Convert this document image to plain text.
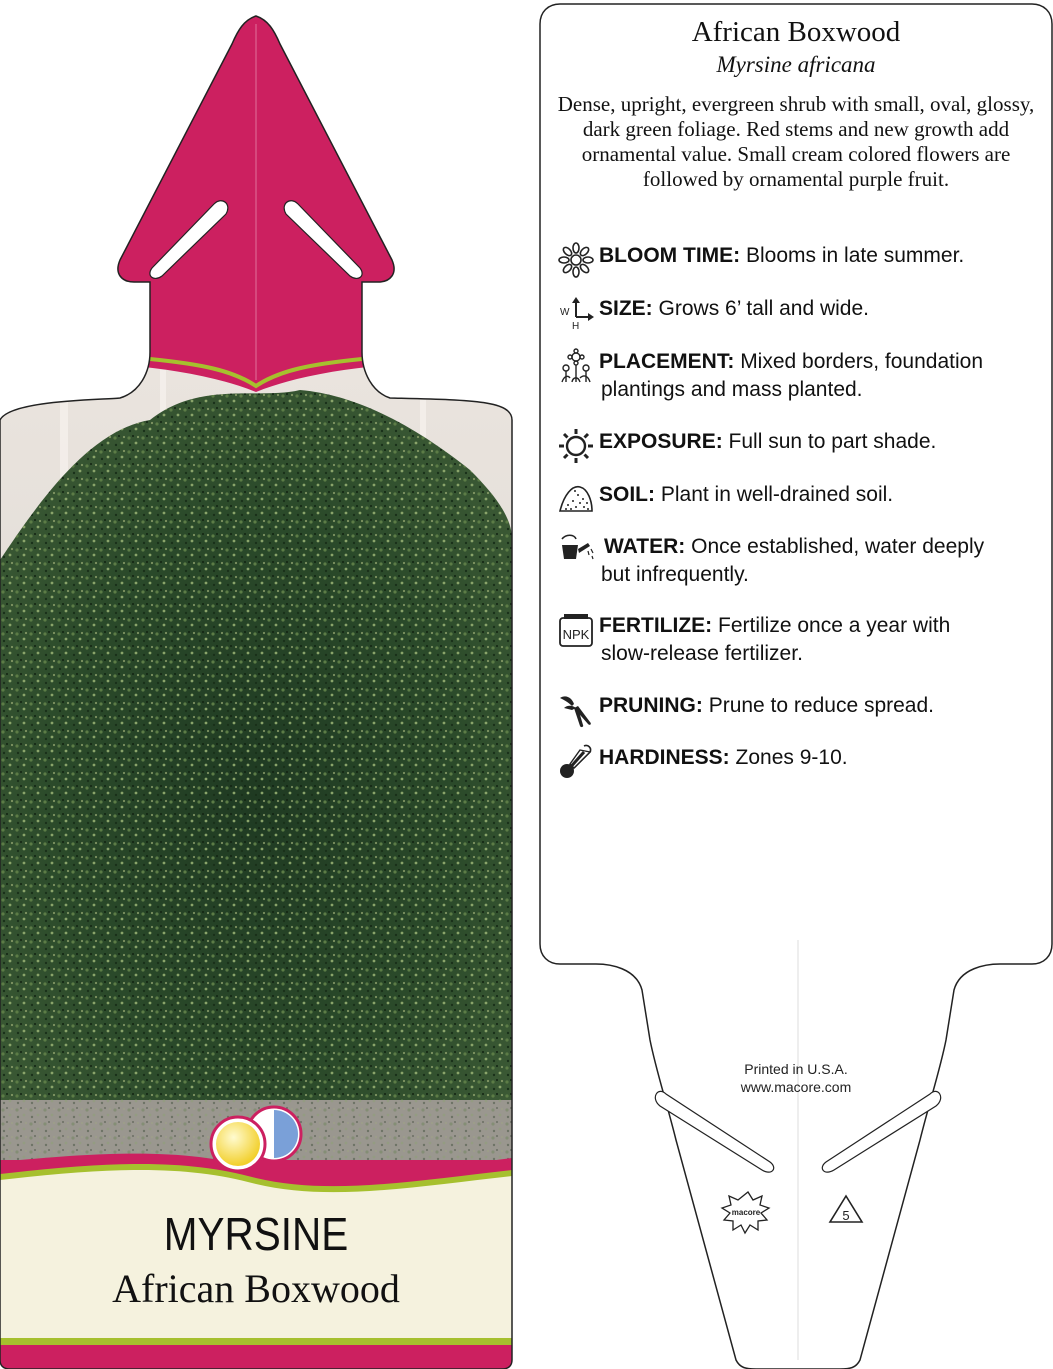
macore	5
MYRSINE
African Boxwood
African Boxwood
Myrsine africana
Dense, upright, evergreen shrub with small, oval, glossy, dark green foliage. Red stems and new growth add ornamental value. Small cream colored flowers are followed by ornamental purple fruit.
BLOOM TIME: Blooms in late summer.
W
H
SIZE: Grows 6’ tall and wide.
PLACEMENT: Mixed borders, foundation
plantings and mass planted.
EXPOSURE: Full sun to part shade.
SOIL: Plant in well-drained soil.
WATER: Once established, water deeply
but infrequently.
NPK FERTILIZE: Fertilize once a year with
slow-release fertilizer.
PRUNING: Prune to reduce spread.
HARDINESS: Zones 9-10.
Printed in U.S.A.
www.macore.com
